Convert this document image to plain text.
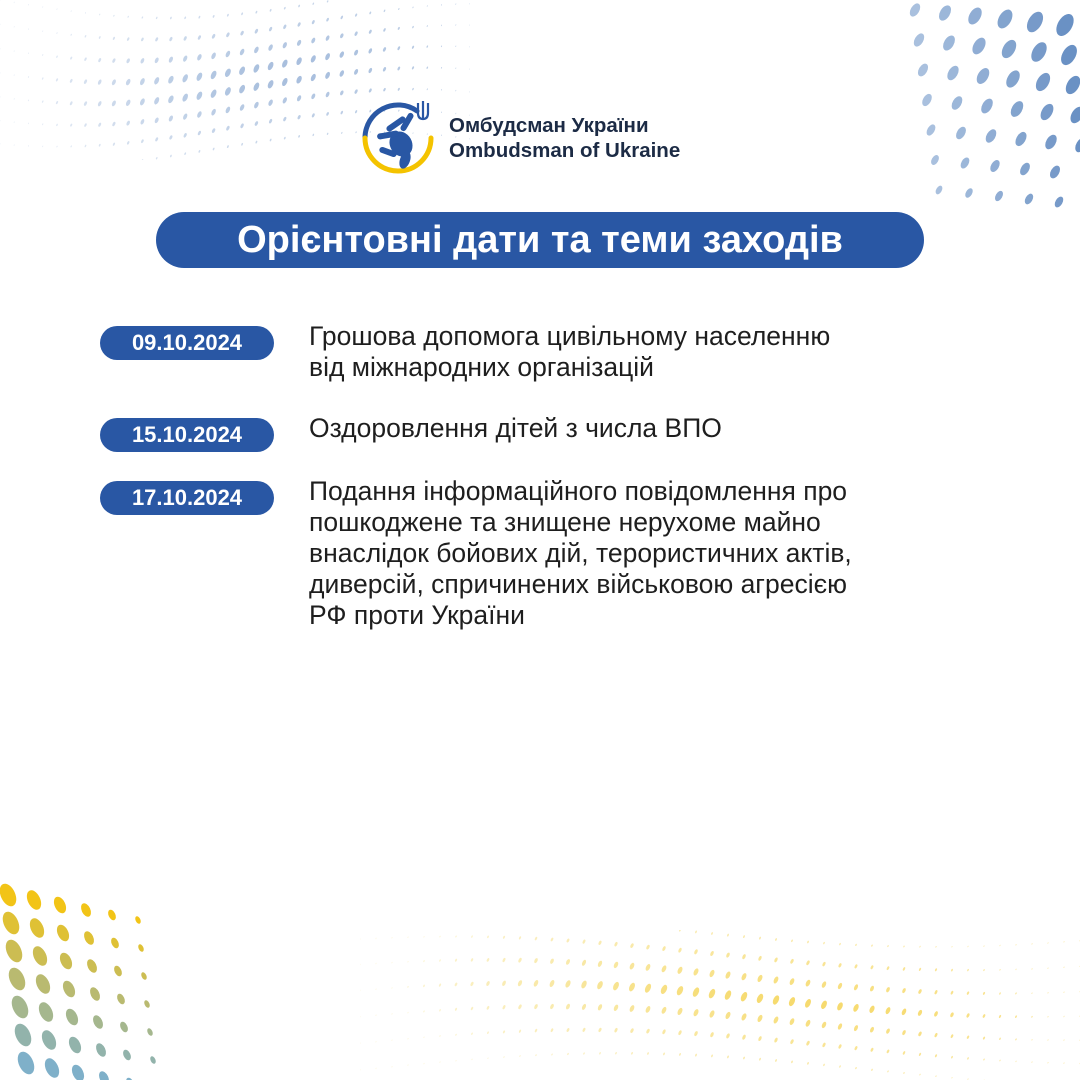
Омбудсман України
Ombudsman of Ukraine
Орієнтовні дати та теми заходів
09.10.2024	Грошова допомога цивільному населенню
від міжнародних організацій
15.10.2024	Оздоровлення дітей з числа ВПО
17.10.2024	Подання інформаційного повідомлення про
пошкоджене та знищене нерухоме майно
внаслідок бойових дій, терористичних актів,
диверсій, спричинених військовою агресією
РФ проти України
